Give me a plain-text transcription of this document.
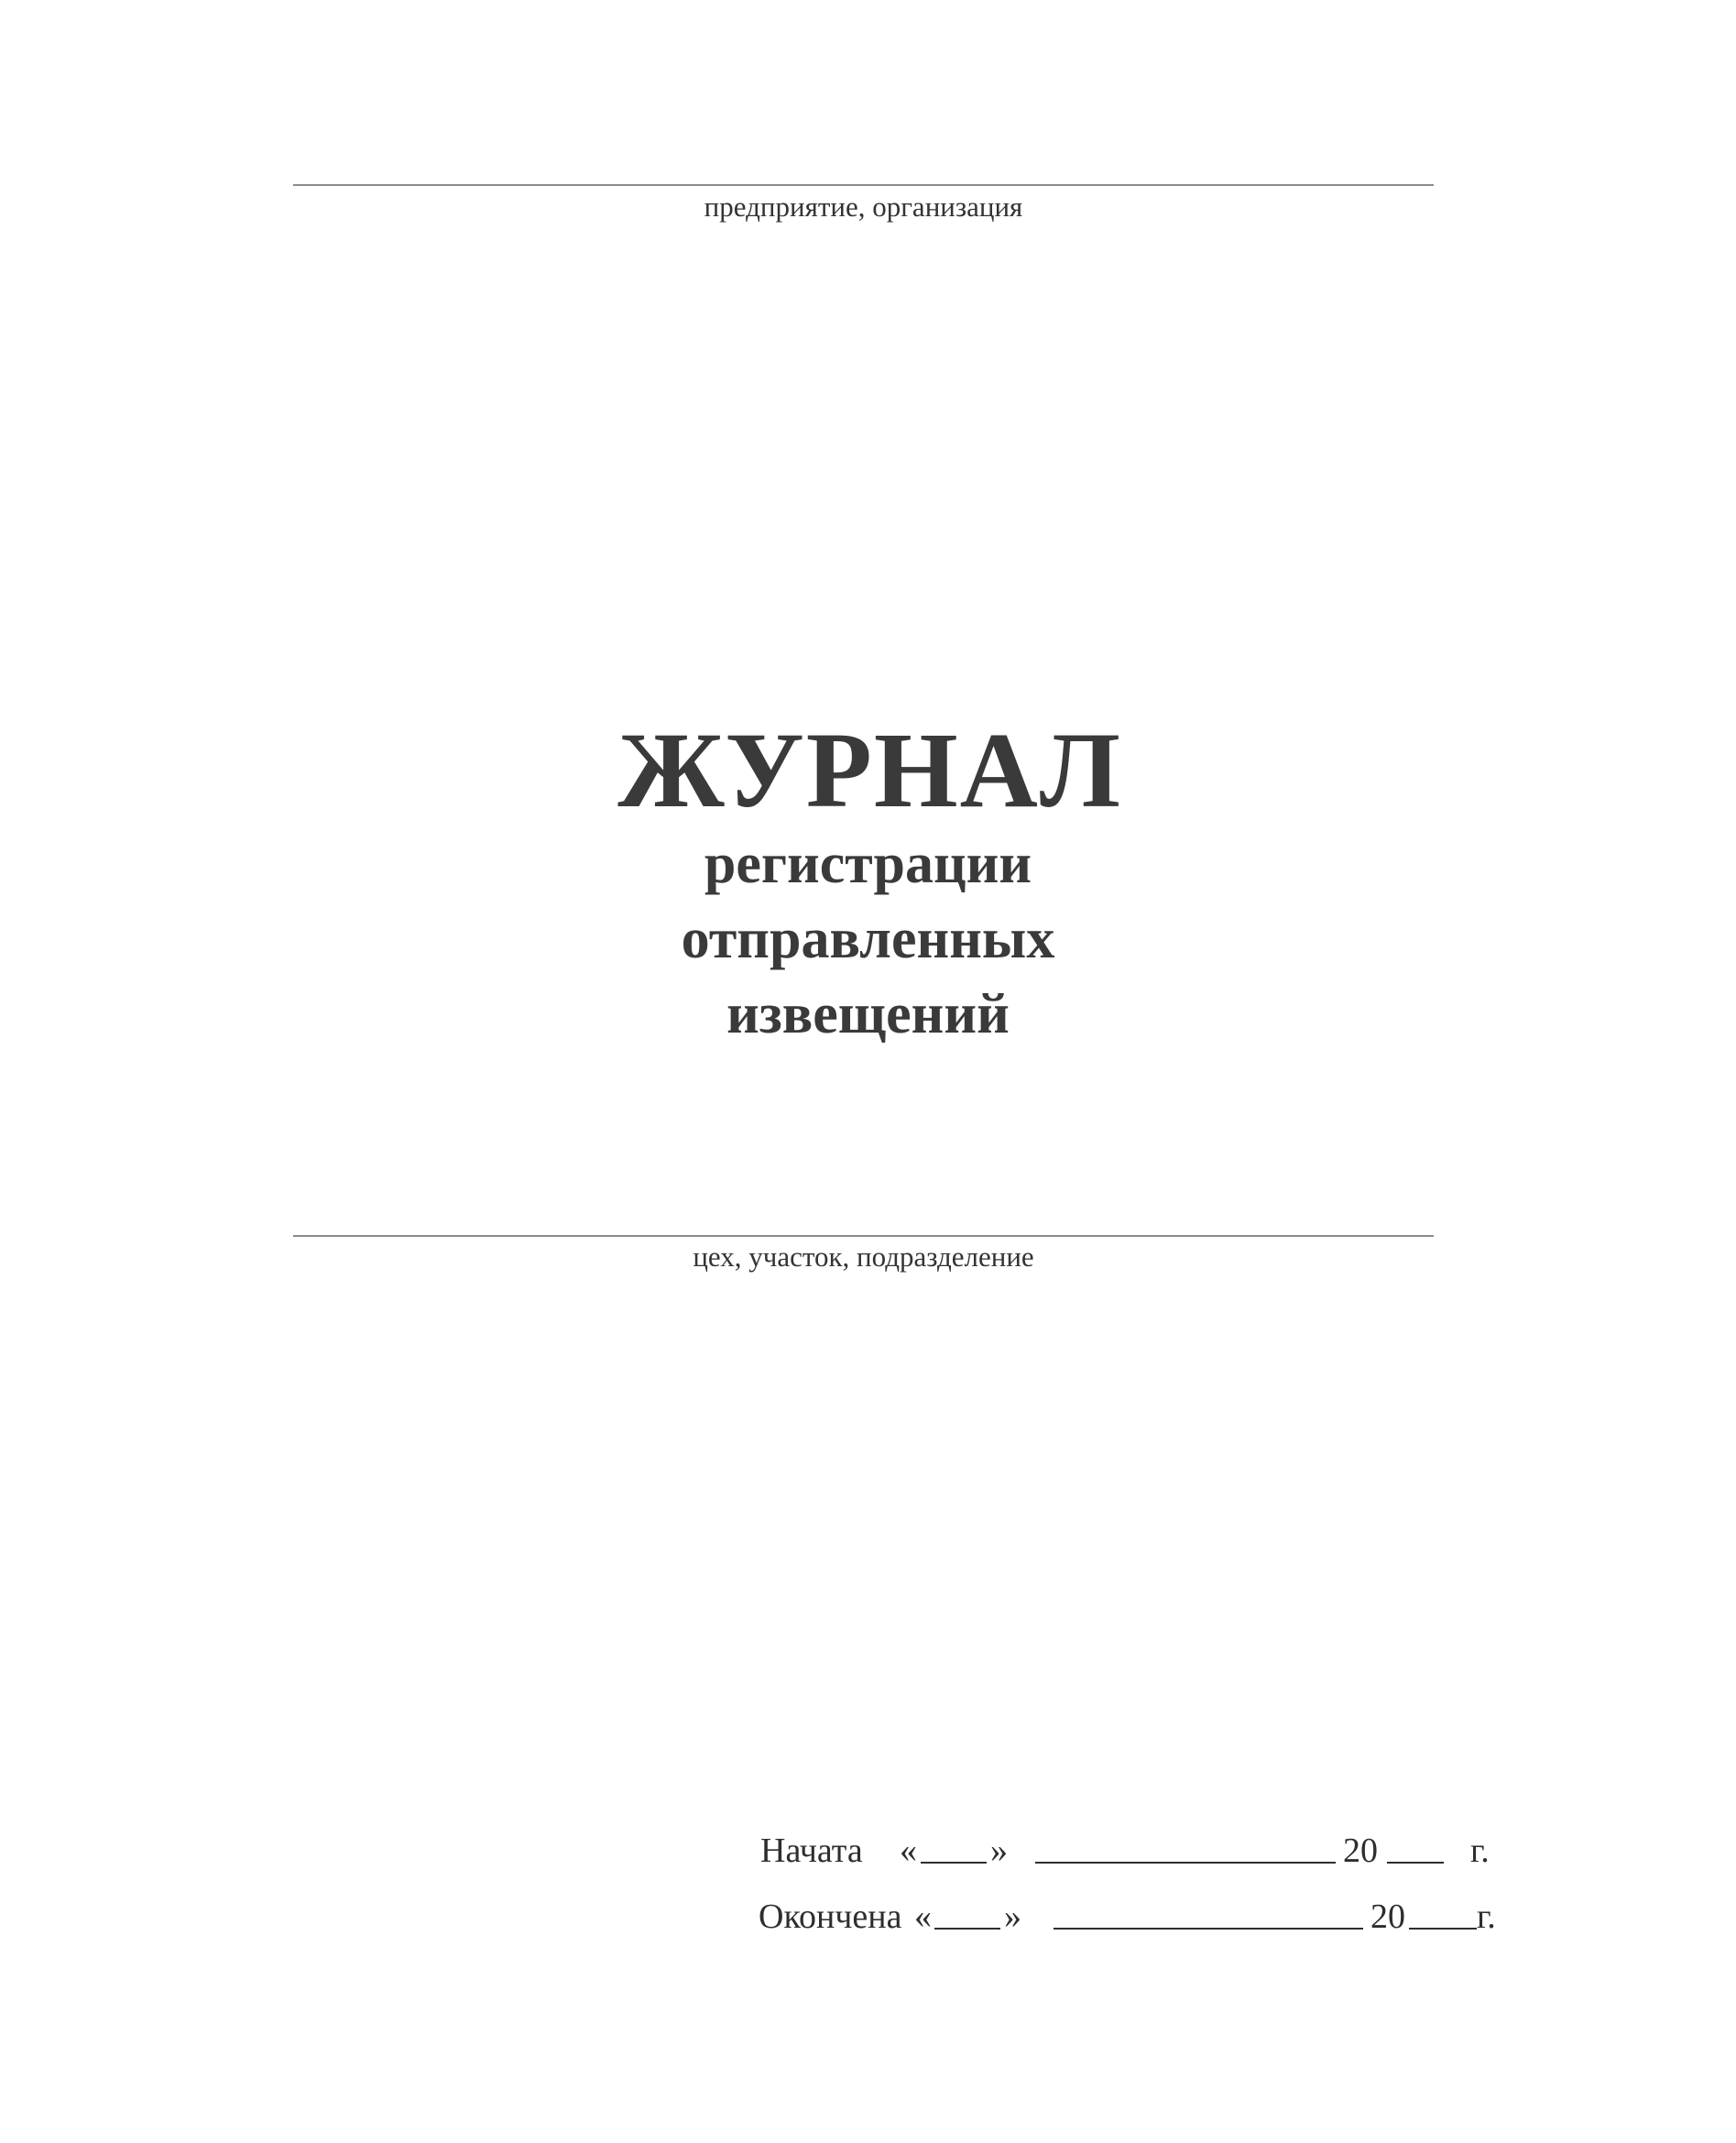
предприятие, организация
ЖУРНАЛ
регистрации
отправленных
извещений
цех, участок, подразделение
Начата « »	20	г.
Окончена « »	20 г.
